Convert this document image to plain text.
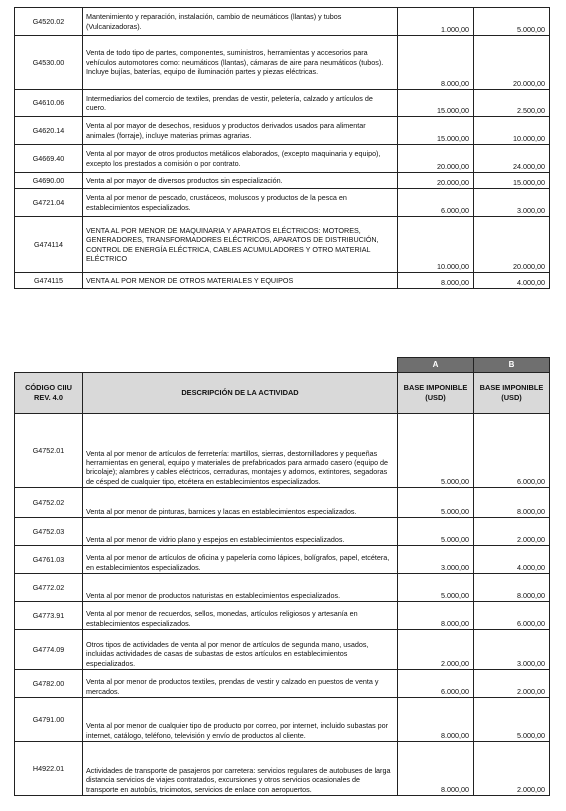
G4520.02	Mantenimiento y reparación, instalación, cambio de neumáticos (llantas) y tubos (Vulcanizadoras).	1.000,00	5.000,00
G4530.00	Venta de todo tipo de partes, componentes, suministros, herramientas y accesorios para vehículos automotores como: neumáticos (llantas), cámaras de aire para neumáticos (tubos). Incluye bujías, baterías, equipo de iluminación partes y piezas eléctricas.	8.000,00	20.000,00
G4610.06	Intermediarios del comercio de textiles, prendas de vestir, peletería, calzado y artículos de cuero.	15.000,00	2.500,00
G4620.14	Venta al por mayor de desechos, residuos y productos derivados usados para alimentar animales (forraje), incluye materias primas agrarias.	15.000,00	10.000,00
G4669.40	Venta al por mayor de otros productos metálicos elaborados, (excepto maquinaria y equipo), excepto los prestados a comisión o por contrato.	20.000,00	24.000,00
G4690.00	Venta al por mayor de diversos productos sin especialización.	20.000,00	15.000,00
G4721.04	Venta al por menor de pescado, crustáceos, moluscos y productos de la pesca en establecimientos especializados.	6.000,00	3.000,00
G474114	VENTA AL POR MENOR DE MAQUINARIA Y APARATOS ELÉCTRICOS: MOTORES, GENERADORES, TRANSFORMADORES ELÉCTRICOS, APARATOS DE DISTRIBUCIÓN, CONTROL DE ENERGÍA ELÉCTRICA, CABLES ACUMULADORES Y OTRO MATERIAL ELÉCTRICO	10.000,00	20.000,00
G474115	VENTA AL POR MENOR DE OTROS MATERIALES Y EQUIPOS	8.000,00	4.000,00
		A	B
CÓDIGO CIIU REV. 4.0	DESCRIPCIÓN DE LA ACTIVIDAD	BASE IMPONIBLE (USD)	BASE IMPONIBLE (USD)
G4752.01	Venta al por menor de artículos de ferretería: martillos, sierras, destornilladores y pequeñas herramientas en general, equipo y materiales de prefabricados para armado casero (equipo de bricolaje); alambres y cables eléctricos, cerraduras, montajes y adornos, extintores, segadoras de césped de cualquier tipo, etcétera en establecimientos especializados.	5.000,00	6.000,00
G4752.02	Venta al por menor de pinturas, barnices y lacas en establecimientos especializados.	5.000,00	8.000,00
G4752.03	Venta al por menor de vidrio plano y espejos en establecimientos especializados.	5.000,00	2.000,00
G4761.03	Venta al por menor de artículos de oficina y papelería como lápices, bolígrafos, papel, etcétera, en establecimientos especializados.	3.000,00	4.000,00
G4772.02	Venta al por menor de productos naturistas en establecimientos especializados.	5.000,00	8.000,00
G4773.91	Venta al por menor de recuerdos, sellos, monedas, artículos religiosos y artesanía en establecimientos especializados.	8.000,00	6.000,00
G4774.09	Otros tipos de actividades de venta al por menor de artículos de segunda mano, usados, incluidas actividades de casas de subastas de estos artículos en establecimientos especializados.	2.000,00	3.000,00
G4782.00	Venta al por menor de productos textiles, prendas de vestir y calzado en puestos de venta y mercados.	6.000,00	2.000,00
G4791.00	Venta al por menor de cualquier tipo de producto por correo, por internet, incluido subastas por internet, catálogo, teléfono, televisión y envío de productos al cliente.	8.000,00	5.000,00
H4922.01	Actividades de transporte de pasajeros por carretera: servicios regulares de autobuses de larga distancia servicios de viajes contratados, excursiones y otros servicios ocasionales de transporte en autobús, tricimotos, servicios de enlace con aeropuertos.	8.000,00	2.000,00
